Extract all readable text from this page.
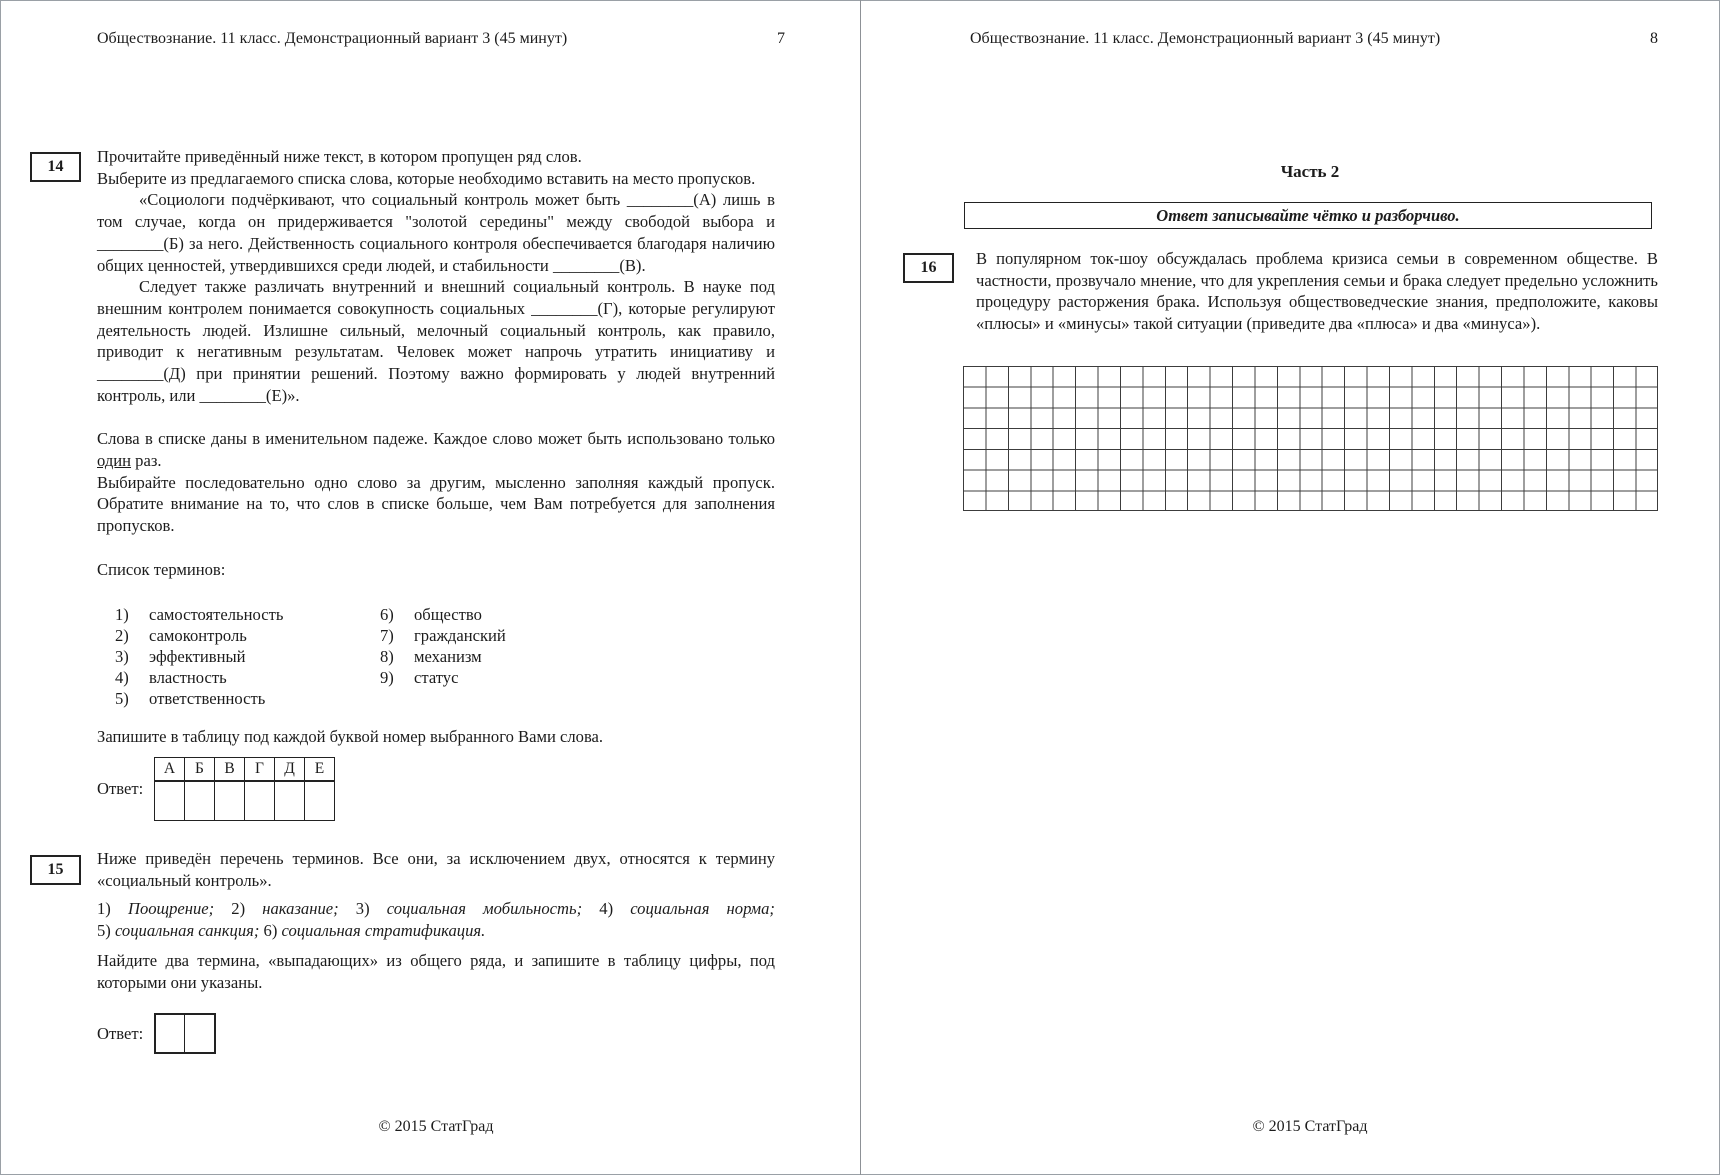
Обществознание. 11 класс. Демонстрационный вариант 3 (45 минут)	7
14
Прочитайте приведённый ниже текст, в котором пропущен ряд слов.
Выберите из предлагаемого списка слова, которые необходимо вставить на место пропусков.

«Социологи подчёркивают, что социальный контроль может быть ________(А) лишь в том случае, когда он придерживается "золотой середины" между свободой выбора и ________(Б) за него. Действенность социального контроля обеспечивается благодаря наличию общих ценностей, утвердившихся среди людей, и стабильности ________(В).

Следует также различать внутренний и внешний социальный контроль. В науке под внешним контролем понимается совокупность социальных ________(Г), которые регулируют деятельность людей. Излишне сильный, мелочный социальный контроль, как правило, приводит к негативным результатам. Человек может напрочь утратить инициативу и ________(Д) при принятии решений. Поэтому важно формировать у людей внутренний контроль, или ________(Е)».

Слова в списке даны в именительном падеже. Каждое слово может быть использовано только один раз.

Выбирайте последовательно одно слово за другим, мысленно заполняя каждый пропуск. Обратите внимание на то, что слов в списке больше, чем Вам потребуется для заполнения пропусков.

Список терминов:
1)	самостоятельность
2)	самоконтроль
3)	эффективный
4)	властность
5)	ответственность
6)	общество
7)	гражданский
8)	механизм
9)	статус
Запишите в таблицу под каждой буквой номер выбранного Вами слова.
Ответ:
А	Б	В	Г	Д	Е

15

Ниже приведён перечень терминов. Все они, за исключением двух, относятся к термину «социальный контроль».

1) Поощрение; 2) наказание; 3) социальная мобильность; 4) социальная норма;
5) социальная санкция; 6) социальная стратификация.

Найдите два термина, «выпадающих» из общего ряда, и запишите в таблицу цифры, под которыми они указаны.

Ответ:
© 2015 СтатГрад
Обществознание. 11 класс. Демонстрационный вариант 3 (45 минут)	8
Часть 2
Ответ записывайте чётко и разборчиво.
16 В популярном ток-шоу обсуждалась проблема кризиса семьи в современном обществе. В частности, прозвучало мнение, что для укрепления семьи и брака следует предельно усложнить процедуру расторжения брака. Используя обществоведческие знания, предположите, каковы «плюсы» и «минусы» такой ситуации (приведите два «плюса» и два «минуса»).

© 2015 СтатГрад
